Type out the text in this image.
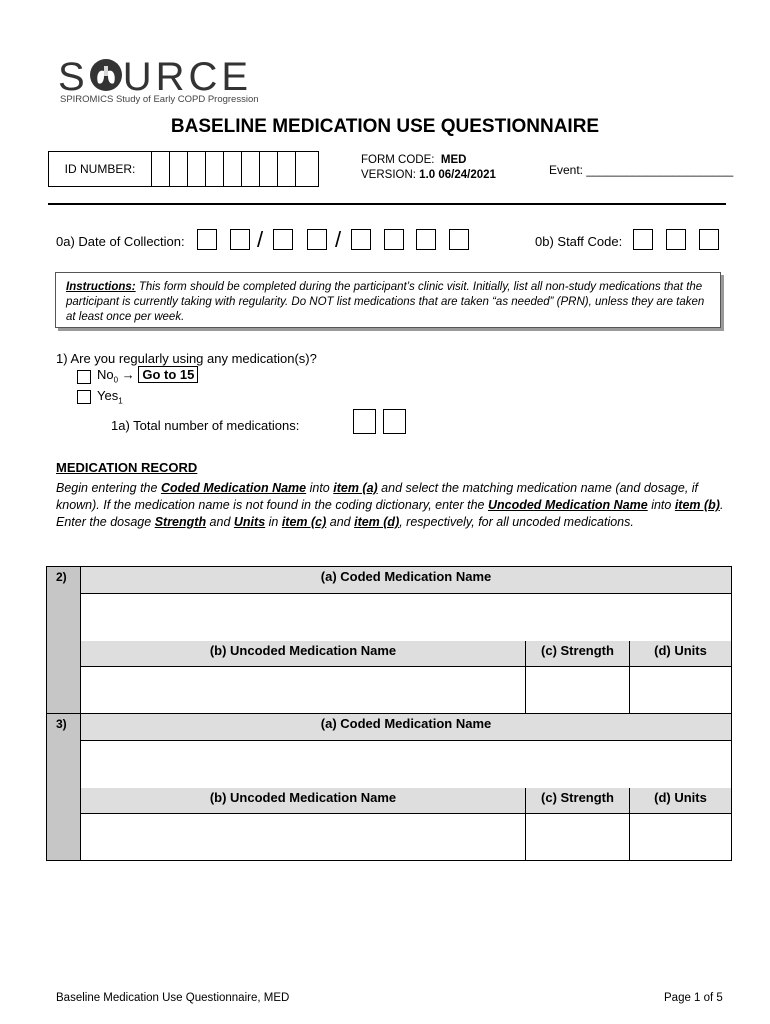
S URCE
SPIROMICS Study of Early COPD Progression
BASELINE MEDICATION USE QUESTIONNAIRE
ID NUMBER:
FORM CODE: MED
VERSION: 1.0 06/24/2021	Event: ______________________
0a) Date of Collection:	/	/	0b) Staff Code:
Instructions: This form should be completed during the participant’s clinic visit. Initially, list all non-study medications that the participant is currently taking with regularity. Do NOT list medications that are taken “as needed” (PRN), unless they are taken at least once per week.
1) Are you regularly using any medication(s)?
$No_0 \to Go$ to 15
Yes$_1$
1a) Total number of medications:
MEDICATION RECORD
Begin entering the Coded Medication Name into item (a) and select the matching medication name (and dosage, if known). If the medication name is not found in the coding dictionary, enter the Uncoded Medication Name into item (b). Enter the dosage Strength and Units in item (c) and item (d), respectively, for all uncoded medications.
2)	(a) Coded Medication Name
(b) Uncoded Medication Name	(c) Strength	(d) Units
3)	(a) Coded Medication Name
(b) Uncoded Medication Name	(c) Strength	(d) Units
Baseline Medication Use Questionnaire, MED	Page 1 of 5
